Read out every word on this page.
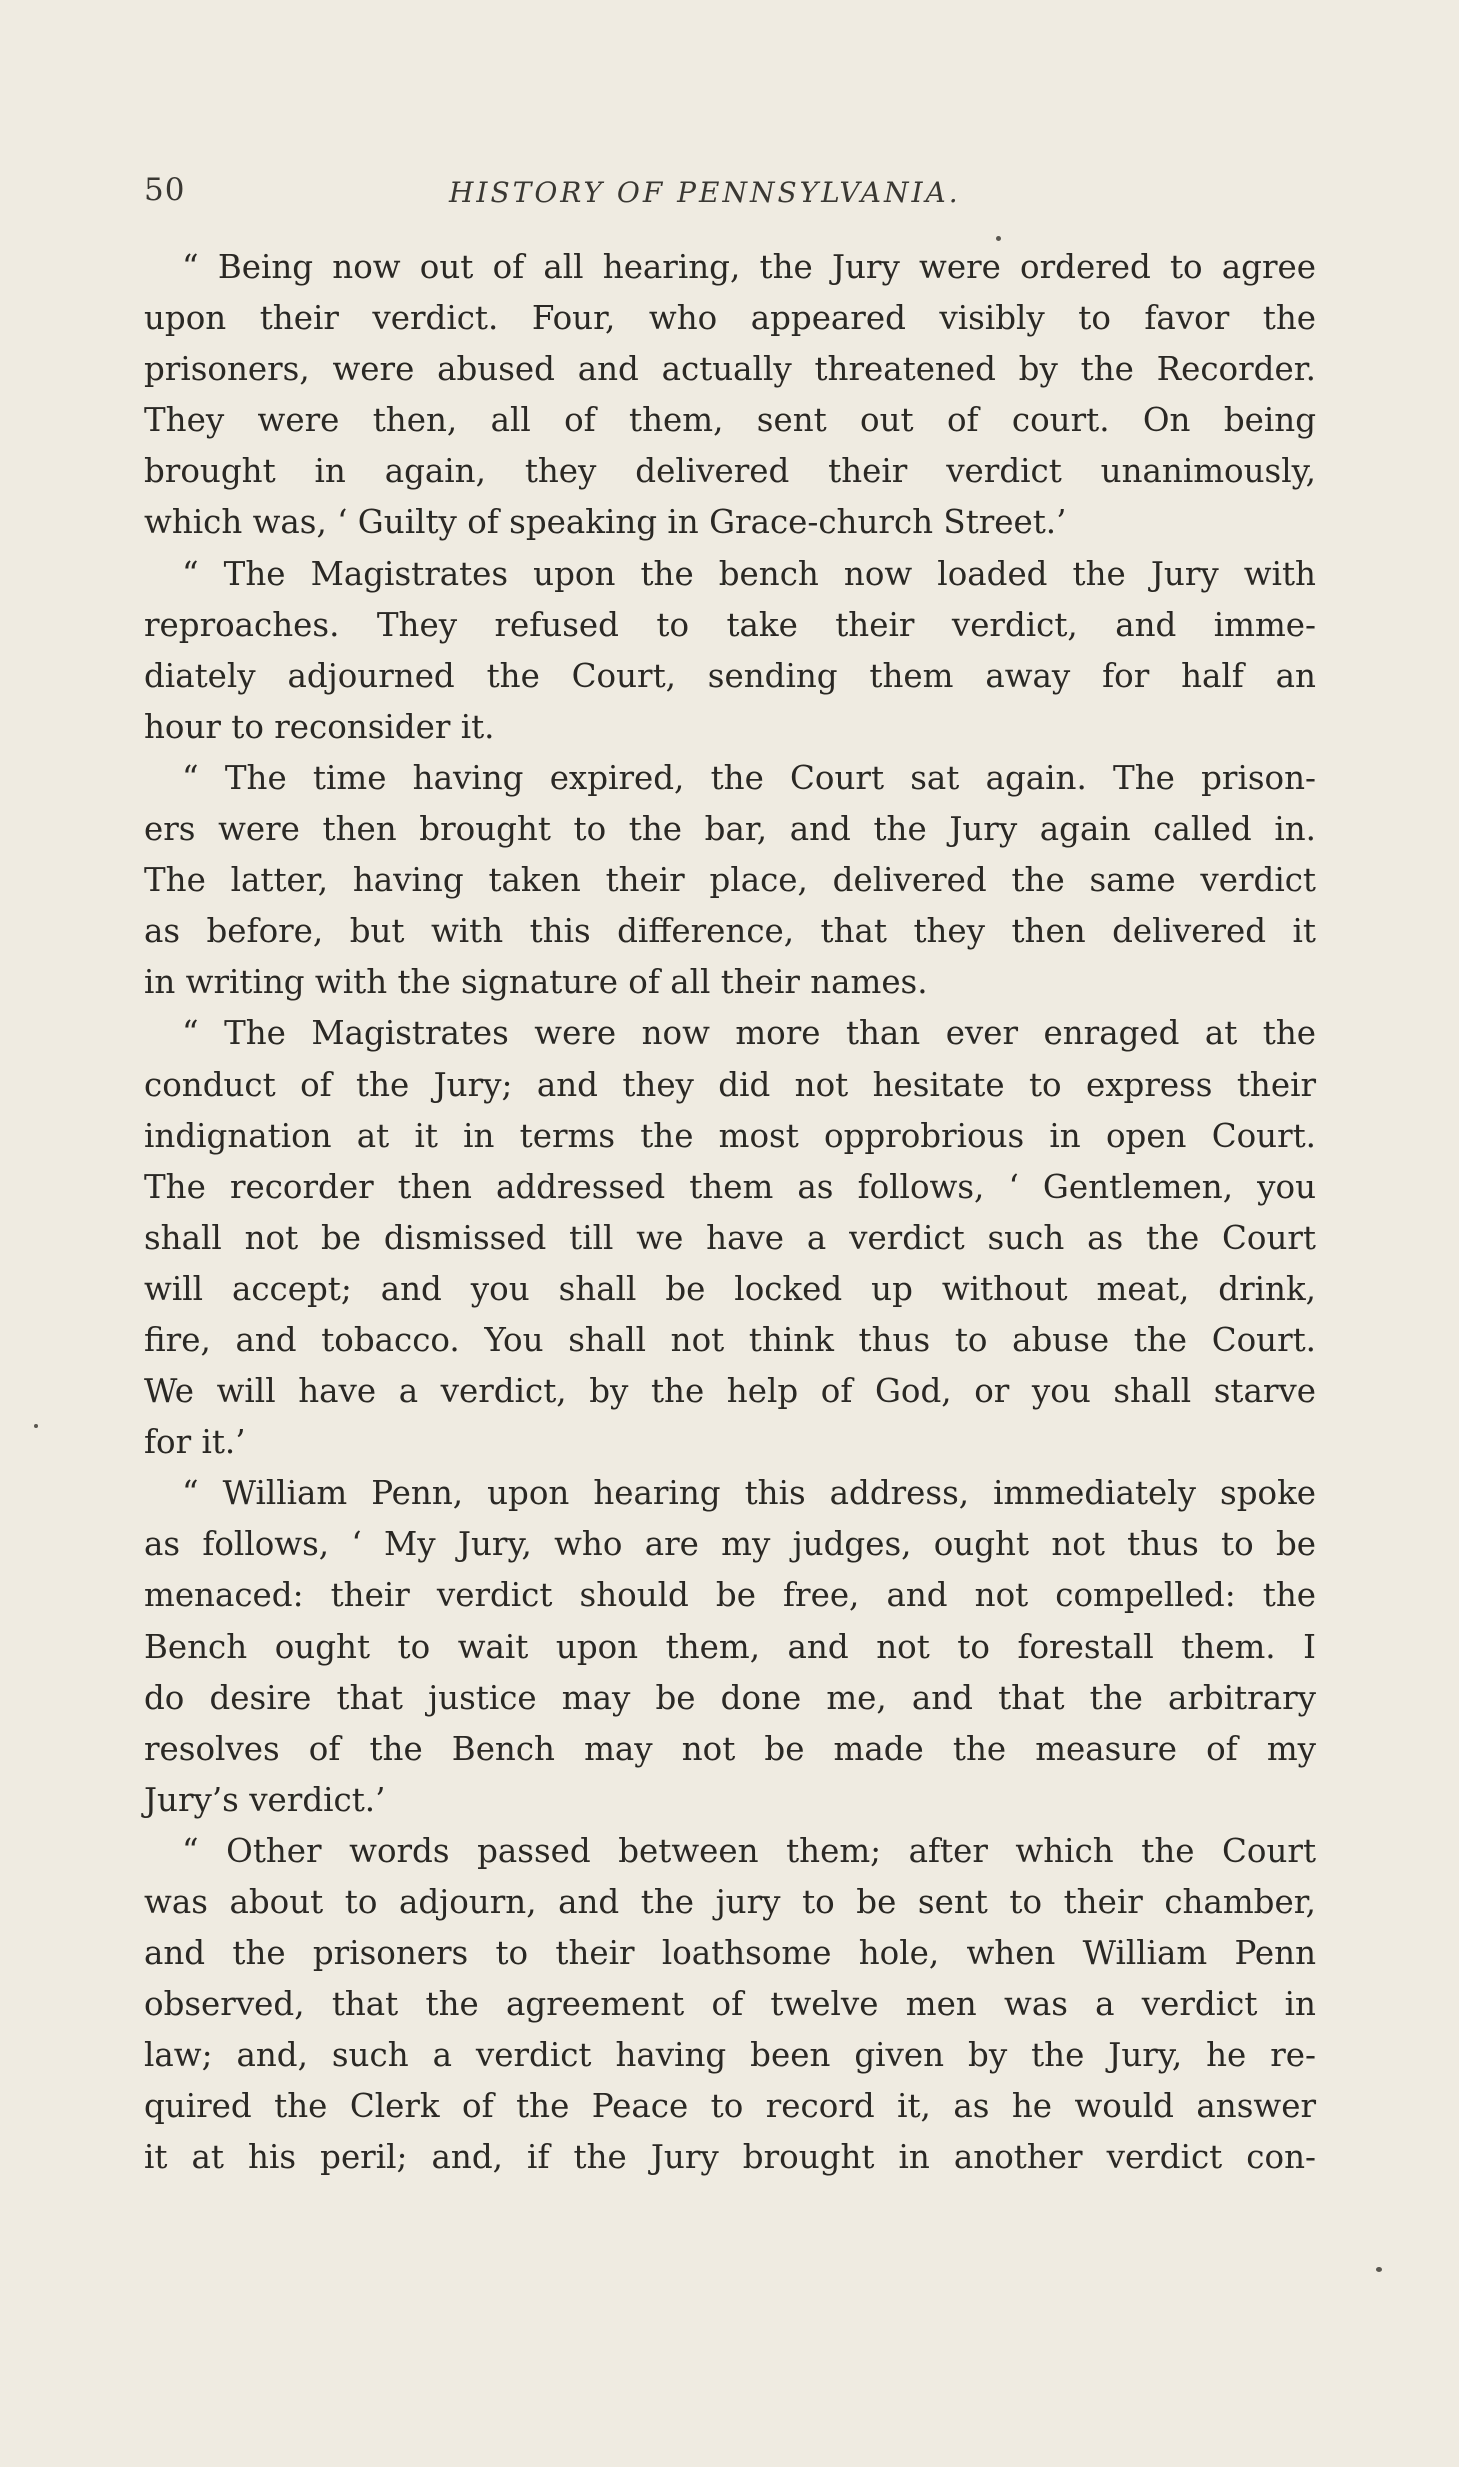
50	HISTORY OF PENNSYLVANIA.
“ Being now out of all hearing, the Jury were ordered to agree
upon their verdict. Four, who appeared visibly to favor the
prisoners, were abused and actually threatened by the Recorder.
They were then, all of them, sent out of court. On being
brought in again, they delivered their verdict unanimously,
which was, ‘ Guilty of speaking in Grace-church Street.’
“ The Magistrates upon the bench now loaded the Jury with
reproaches. They refused to take their verdict, and imme-
diately adjourned the Court, sending them away for half an
hour to reconsider it.
“ The time having expired, the Court sat again. The prison-
ers were then brought to the bar, and the Jury again called in.
The latter, having taken their place, delivered the same verdict
as before, but with this difference, that they then delivered it
in writing with the signature of all their names.
“ The Magistrates were now more than ever enraged at the
conduct of the Jury; and they did not hesitate to express their
indignation at it in terms the most opprobrious in open Court.
The recorder then addressed them as follows, ‘ Gentlemen, you
shall not be dismissed till we have a verdict such as the Court
will accept; and you shall be locked up without meat, drink,
fire, and tobacco. You shall not think thus to abuse the Court.
We will have a verdict, by the help of God, or you shall starve
for it.’
“ William Penn, upon hearing this address, immediately spoke
as follows, ‘ My Jury, who are my judges, ought not thus to be
menaced: their verdict should be free, and not compelled: the
Bench ought to wait upon them, and not to forestall them. I
do desire that justice may be done me, and that the arbitrary
resolves of the Bench may not be made the measure of my
Jury’s verdict.’
“ Other words passed between them; after which the Court
was about to adjourn, and the jury to be sent to their chamber,
and the prisoners to their loathsome hole, when William Penn
observed, that the agreement of twelve men was a verdict in
law; and, such a verdict having been given by the Jury, he re-
quired the Clerk of the Peace to record it, as he would answer
it at his peril; and, if the Jury brought in another verdict con-
